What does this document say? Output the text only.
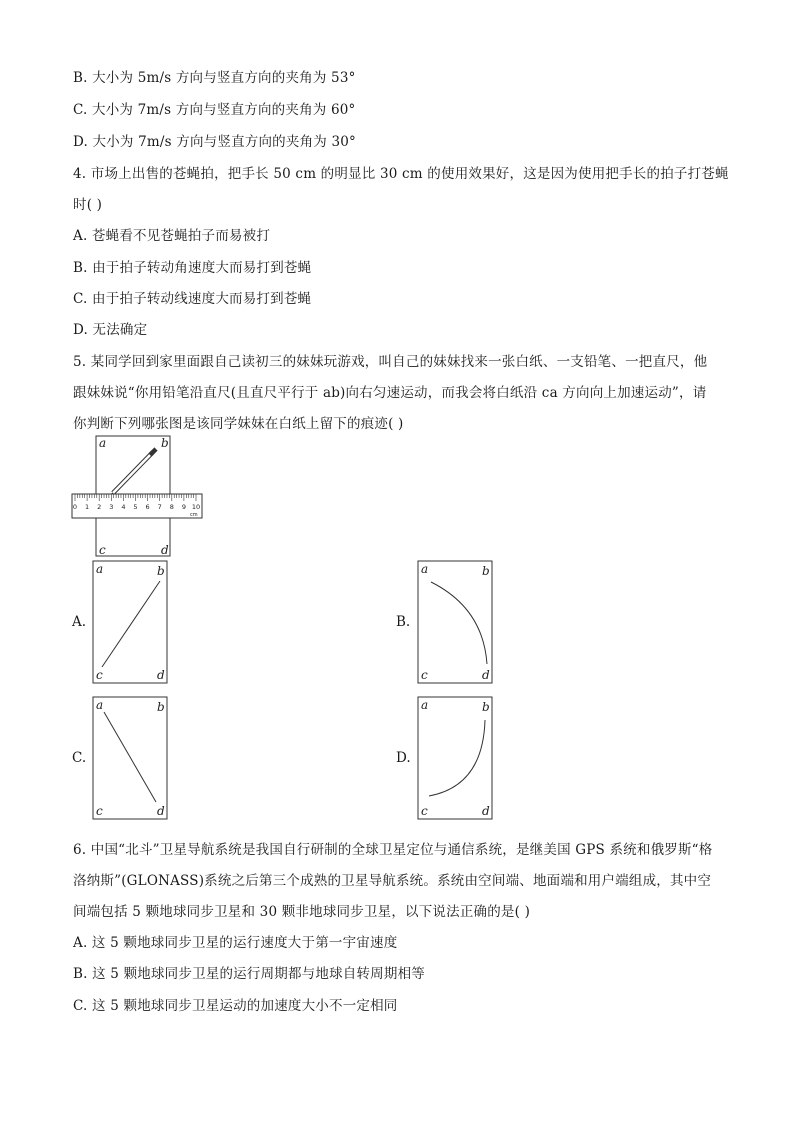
B. 大小为 5m/s 方向与竖直方向的夹角为 53°
C. 大小为 7m/s 方向与竖直方向的夹角为 60°
D. 大小为 7m/s 方向与竖直方向的夹角为 30°
4. 市场上出售的苍蝇拍，把手长 50 cm 的明显比 30 cm 的使用效果好，这是因为使用把手长的拍子打苍蝇
时( )
A. 苍蝇看不见苍蝇拍子而易被打
B. 由于拍子转动角速度大而易打到苍蝇
C. 由于拍子转动线速度大而易打到苍蝇
D. 无法确定
5. 某同学回到家里面跟自己读初三的妹妹玩游戏，叫自己的妹妹找来一张白纸、一支铅笔、一把直尺，他
跟妹妹说“你用铅笔沿直尺(且直尺平行于 ab)向右匀速运动，而我会将白纸沿 ca 方向向上加速运动”，请
你判断下列哪张图是该同学妹妹在白纸上留下的痕迹( )
a	b
c	d
0 1 2 3 4 5 6 7 8 9 10
cm
A.
a	b
c	d
B.
a	b
c	d
C.
a	b
c	d
D.
a	b
c	d
6. 中国“北斗”卫星导航系统是我国自行研制的全球卫星定位与通信系统，是继美国 GPS 系统和俄罗斯“格
洛纳斯”(GLONASS)系统之后第三个成熟的卫星导航系统。系统由空间端、地面端和用户端组成，其中空
间端包括 5 颗地球同步卫星和 30 颗非地球同步卫星，以下说法正确的是( )
A. 这 5 颗地球同步卫星的运行速度大于第一宇宙速度
B. 这 5 颗地球同步卫星的运行周期都与地球自转周期相等
C. 这 5 颗地球同步卫星运动的加速度大小不一定相同
